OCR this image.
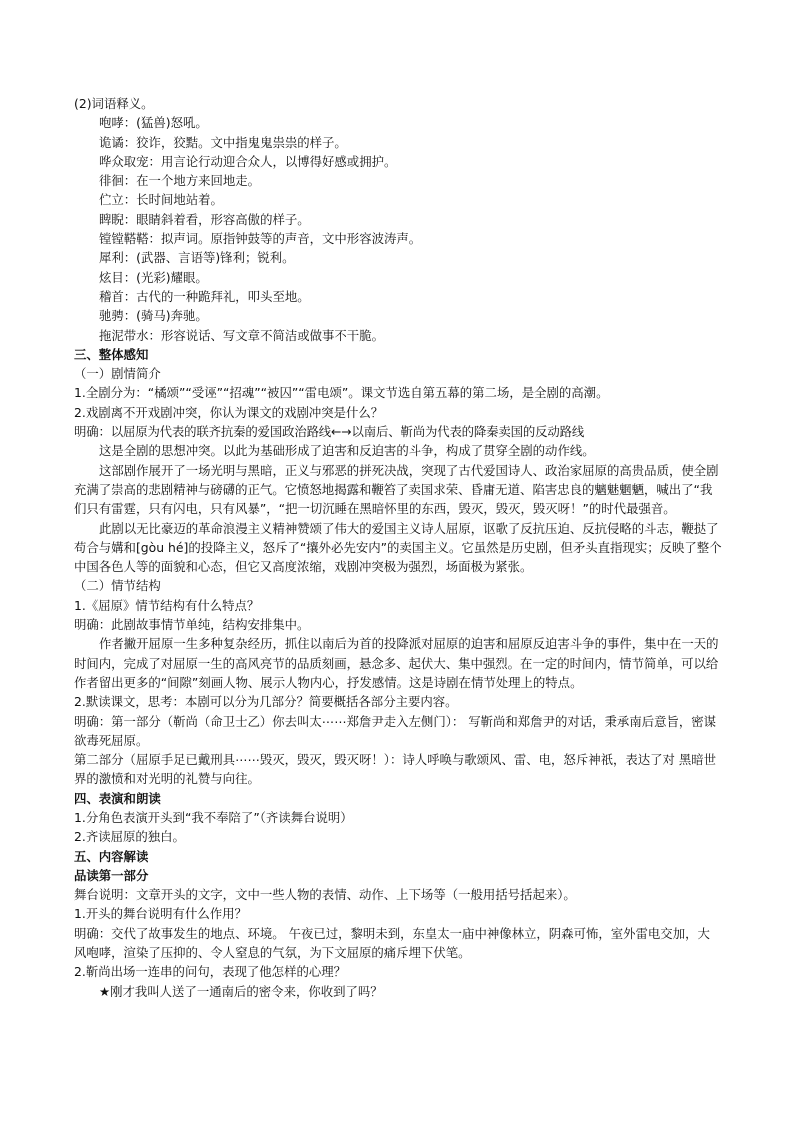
(2)词语释义。

咆哮：(猛兽)怒吼。

诡谲：狡诈，狡黠。文中指鬼鬼祟祟的样子。

哗众取宠：用言论行动迎合众人，以博得好感或拥护。

徘徊：在一个地方来回地走。

伫立：长时间地站着。

睥睨：眼睛斜着看，形容高傲的样子。

镗镗鞳鞳：拟声词。原指钟鼓等的声音，文中形容波涛声。

犀利：(武器、言语等)锋利；锐利。

炫目：(光彩)耀眼。

稽首：古代的一种跪拜礼，叩头至地。

驰骋：(骑马)奔驰。

拖泥带水：形容说话、写文章不简洁或做事不干脆。

三、整体感知

（一）剧情简介

1.全剧分为：“橘颂”“受诬”“招魂”“被囚”“雷电颂”。课文节选自第五幕的第二场，是全剧的高潮。

2.戏剧离不开戏剧冲突，你认为课文的戏剧冲突是什么？

明确：以屈原为代表的联齐抗秦的爱国政治路线←→以南后、靳尚为代表的降秦卖国的反动路线

这是全剧的思想冲突。以此为基础形成了迫害和反迫害的斗争，构成了贯穿全剧的动作线。

这部剧作展开了一场光明与黑暗，正义与邪恶的拼死决战，突现了古代爱国诗人、政治家屈原的高贵品质，使全剧充满了崇高的悲剧精神与磅礴的正气。它愤怒地揭露和鞭笞了卖国求荣、昏庸无道、陷害忠良的魑魅魍魉，喊出了“我们只有雷霆，只有闪电，只有风暴”，“把一切沉睡在黑暗怀里的东西，毁灭，毁灭，毁灭呀！”的时代最强音。

此剧以无比豪迈的革命浪漫主义精神赞颂了伟大的爱国主义诗人屈原，讴歌了反抗压迫、反抗侵略的斗志，鞭挞了苟合与媾和[gòu hé]的投降主义，怒斥了“攘外必先安内”的卖国主义。它虽然是历史剧，但矛头直指现实；反映了整个中国各色人等的面貌和心态，但它又高度浓缩，戏剧冲突极为强烈，场面极为紧张。

（二）情节结构

1.《屈原》情节结构有什么特点？

明确：此剧故事情节单纯，结构安排集中。

作者撇开屈原一生多种复杂经历，抓住以南后为首的投降派对屈原的迫害和屈原反迫害斗争的事件，集中在一天的时间内，完成了对屈原一生的高风亮节的品质刻画，悬念多、起伏大、集中强烈。在一定的时间内，情节简单，可以给作者留出更多的“间隙”刻画人物、展示人物内心，抒发感情。这是诗剧在情节处理上的特点。

2.默读课文，思考：本剧可以分为几部分？简要概括各部分主要内容。

明确：第一部分（靳尚（命卫士乙）你去叫太⋯⋯郑詹尹走入左侧门）： 写靳尚和郑詹尹的对话，秉承南后意旨，密谋欲毒死屈原。

第二部分（屈原手足已戴刑具⋯⋯毁灭，毁灭，毁灭呀！）：诗人呼唤与歌颂风、雷、电，怒斥神祇，表达了对 黑暗世界的激愤和对光明的礼赞与向往。

四、表演和朗读

1.分角色表演开头到“我不奉陪了”（齐读舞台说明）

2.齐读屈原的独白。

五、内容解读

品读第一部分

舞台说明：文章开头的文字，文中一些人物的表情、动作、上下场等（一般用括号括起来）。

1.开头的舞台说明有什么作用？

明确：交代了故事发生的地点、环境。 午夜已过，黎明未到，东皇太一庙中神像林立，阴森可怖，室外雷电交加，大风咆哮，渲染了压抑的、令人窒息的气氛，为下文屈原的痛斥埋下伏笔。

2.靳尚出场一连串的问句，表现了他怎样的心理？

★刚才我叫人送了一通南后的密令来，你收到了吗？
